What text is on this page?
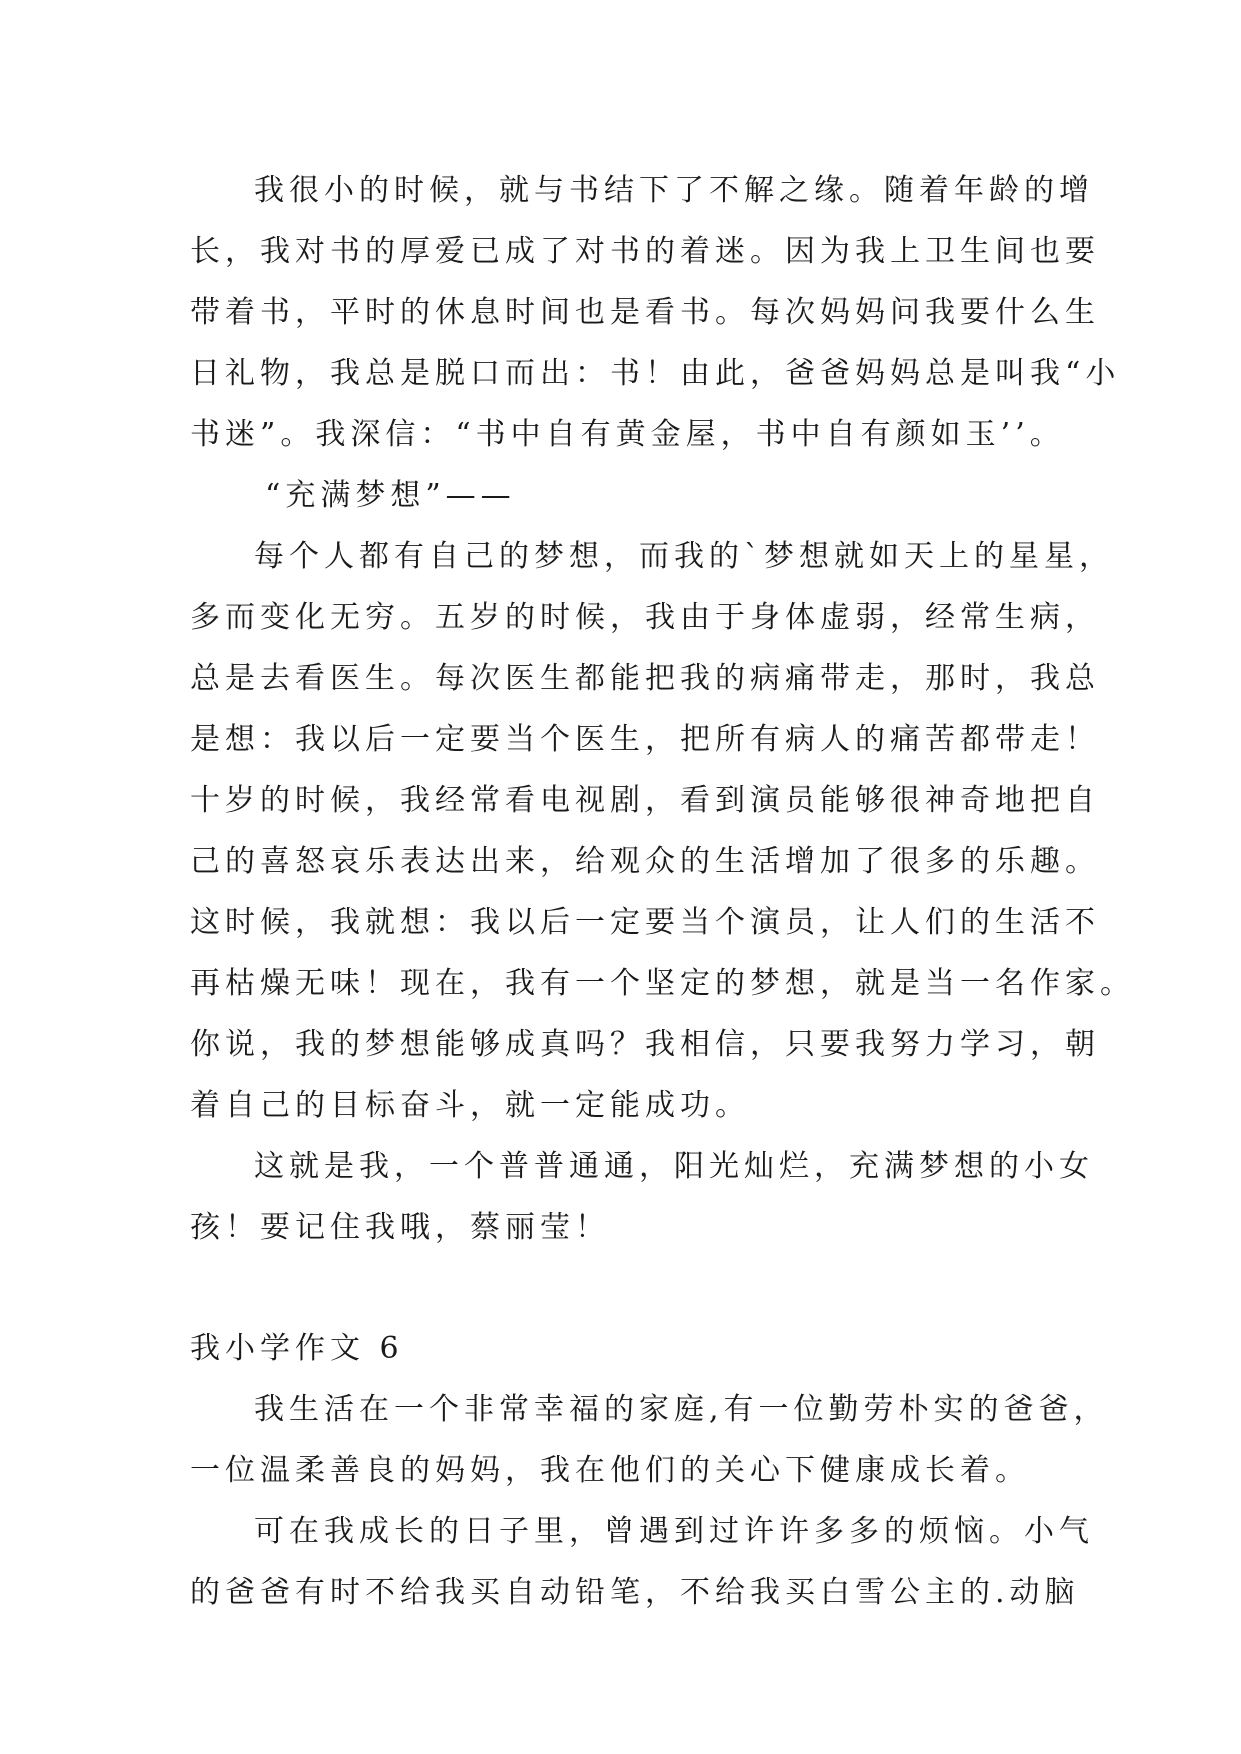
我很小的时候，就与书结下了不解之缘。随着年龄的增
长，我对书的厚爱已成了对书的着迷。因为我上卫生间也要
带着书，平时的休息时间也是看书。每次妈妈问我要什么生
日礼物，我总是脱口而出：书！由此，爸爸妈妈总是叫我“小
书迷”。我深信：“书中自有黄金屋，书中自有颜如玉’’。

“充满梦想”——

每个人都有自己的梦想，而我的`梦想就如天上的星星，
多而变化无穷。五岁的时候，我由于身体虚弱，经常生病，
总是去看医生。每次医生都能把我的病痛带走，那时，我总
是想：我以后一定要当个医生，把所有病人的痛苦都带走！
十岁的时候，我经常看电视剧，看到演员能够很神奇地把自
己的喜怒哀乐表达出来，给观众的生活增加了很多的乐趣。
这时候，我就想：我以后一定要当个演员，让人们的生活不
再枯燥无味！现在，我有一个坚定的梦想，就是当一名作家。
你说，我的梦想能够成真吗？我相信，只要我努力学习，朝
着自己的目标奋斗，就一定能成功。

这就是我，一个普普通通，阳光灿烂，充满梦想的小女
孩！要记住我哦，蔡丽莹！

我小学作文 6

我生活在一个非常幸福的家庭,有一位勤劳朴实的爸爸，
一位温柔善良的妈妈，我在他们的关心下健康成长着。

可在我成长的日子里，曾遇到过许许多多的烦恼。小气
的爸爸有时不给我买自动铅笔，不给我买白雪公主的.动脑
